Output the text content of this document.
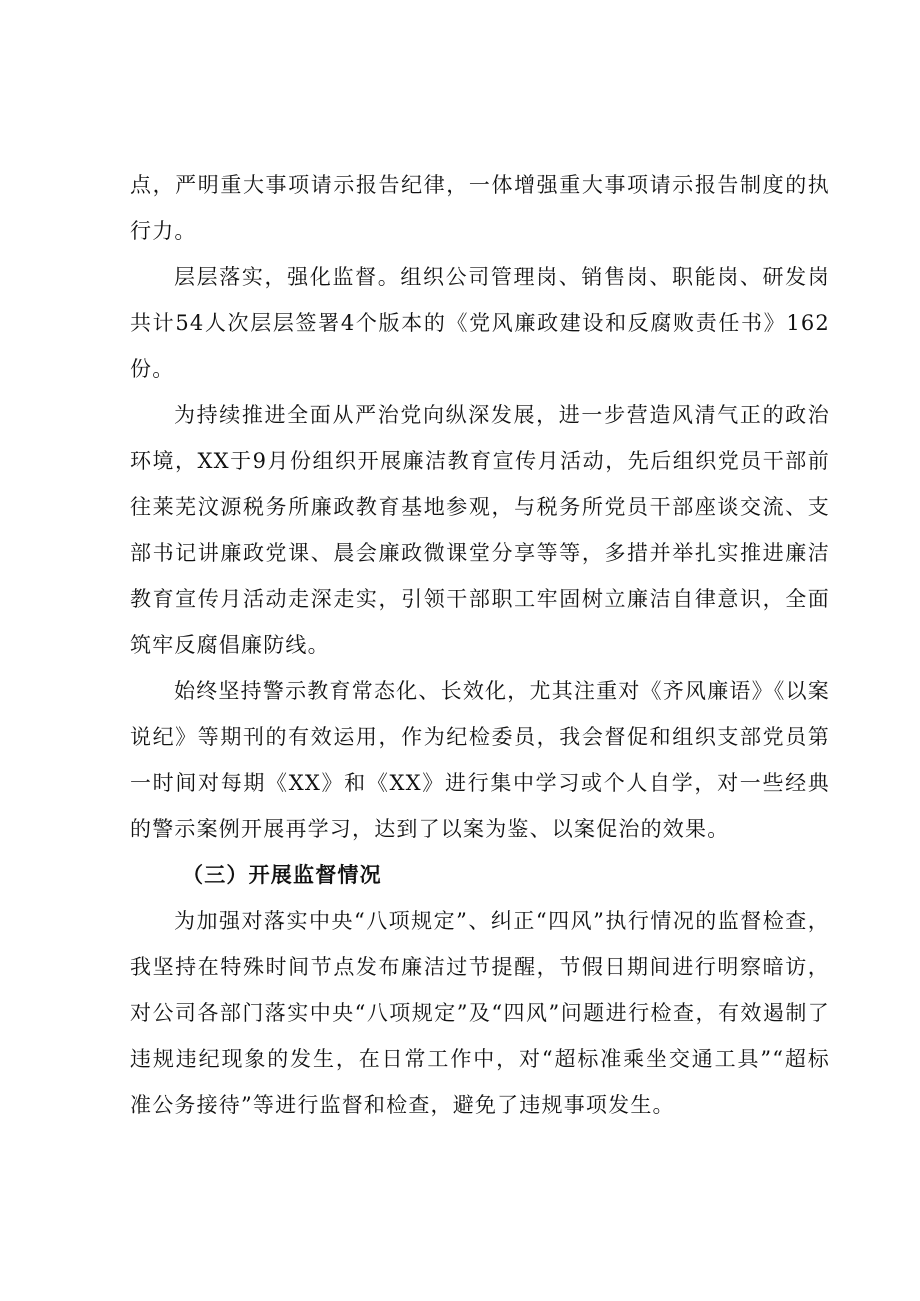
点，严明重大事项请示报告纪律，一体增强重大事项请示报告制度的执行力。

层层落实，强化监督。组织公司管理岗、销售岗、职能岗、研发岗共计54人次层层签署4个版本的《党风廉政建设和反腐败责任书》162份。

为持续推进全面从严治党向纵深发展，进一步营造风清气正的政治环境，XX于9月份组织开展廉洁教育宣传月活动，先后组织党员干部前往莱芜汶源税务所廉政教育基地参观，与税务所党员干部座谈交流、支部书记讲廉政党课、晨会廉政微课堂分享等等，多措并举扎实推进廉洁教育宣传月活动走深走实，引领干部职工牢固树立廉洁自律意识，全面筑牢反腐倡廉防线。

始终坚持警示教育常态化、长效化，尤其注重对《齐风廉语》《以案说纪》等期刊的有效运用，作为纪检委员，我会督促和组织支部党员第一时间对每期《XX》和《XX》进行集中学习或个人自学，对一些经典的警示案例开展再学习，达到了以案为鉴、以案促治的效果。

（三）开展监督情况

为加强对落实中央“八项规定”、纠正“四风”执行情况的监督检查，我坚持在特殊时间节点发布廉洁过节提醒，节假日期间进行明察暗访，对公司各部门落实中央“八项规定”及“四风”问题进行检查，有效遏制了违规违纪现象的发生，在日常工作中，对“超标准乘坐交通工具”“超标准公务接待”等进行监督和检查，避免了违规事项发生。
